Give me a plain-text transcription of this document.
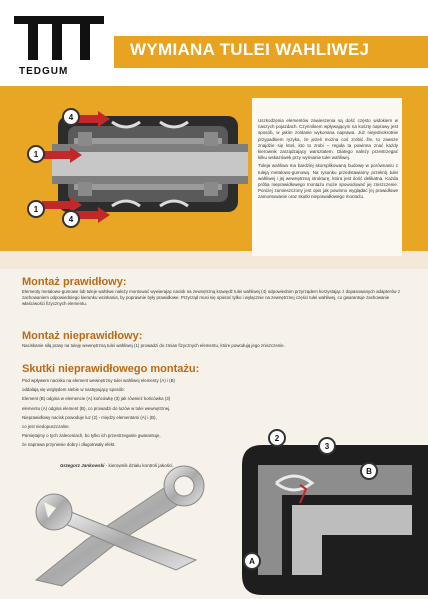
TEDGUM
WYMIANA TULEI WAHLIWEJ
4
1
1
4
Uszkodzenia elementów zawieszenia są dość często widokiem w naszych pojazdach. Czynnikiem wpływającym na koszty naprawy jest sposób, w jakim zostanie wykonana naprawa. Już niejednokrotnie przypadkiem ryzyka, że jeżeli można coś zrobić źle, to zawsze znajdzie się ktoś, kto to zrobi – reguła ta powinna znać każdy kierownik zarządzający warsztatem. Dlatego należy przestrzegać kilku wskazówek przy wymianie tulei wahliwej.
Tuleja wahliwa ma bardziej skomplikowaną budowę w porównaniu z tuleją metalowo-gumową. Na rysunku przedstawiamy przekrój tulei wahliwej i jej wewnętrzną strukturę, która jest dość delikatna. Każda próba nieprawidłowego montażu może spowodować jej zniszczenie. Poniżej zamieszczony jest opis jak powinno wyglądać jej prawidłowe zamontowanie oraz skutki nieprawidłowego montażu.
Montaż prawidłowy:
Elementy metalowo-gumowe lub tuleje wahliwe należy montować wywierając nacisk na zewnętrzną krawędź tulei wahliwej (4) odpowiednim przyrządem korzystając z dopasowanych adapterów z zachowaniem odpowiedniego kierunku wciskania, by poprawnie były prawidłowe. Przyrząd musi się opierać tylko i wyłącznie na zewnętrznej części tulei wahliwej, co gwarantuje zachowanie właściwości fizycznych elementu.
Montaż nieprawidłowy:
Naciskanie siłą prasy na tuleję wewnętrzną tulei wahliwej (1) prowadzi do zmian fizycznych elementu, które powodują jego zniszczenie.
Skutki nieprawidłowego montażu:
Pod wpływem nacisku na element wewnętrzny tulei wahliwej elementy (A) i (B)
oddalają się względem siebie w następujący sposób:
Element (B) odgina w elemencie (A) końcówkę (3) jak również końcówka (3)
elementu (A) odgina element (B), co prowadzi do luzów w tulei wewnętrznej.
Nieprawidłowy nacisk powoduje luz (2) - między elementami (A) i (B),
co jest niedopuszczalne.
Pamiętajmy o tych zaleceniach, bo tylko ich przestrzeganie gwarantuje,
że naprawa przyniesie dobry i długotrwały efekt.
Grzegorz Jankowski - kierownik działu kontroli jakości.
2
3
B
A
